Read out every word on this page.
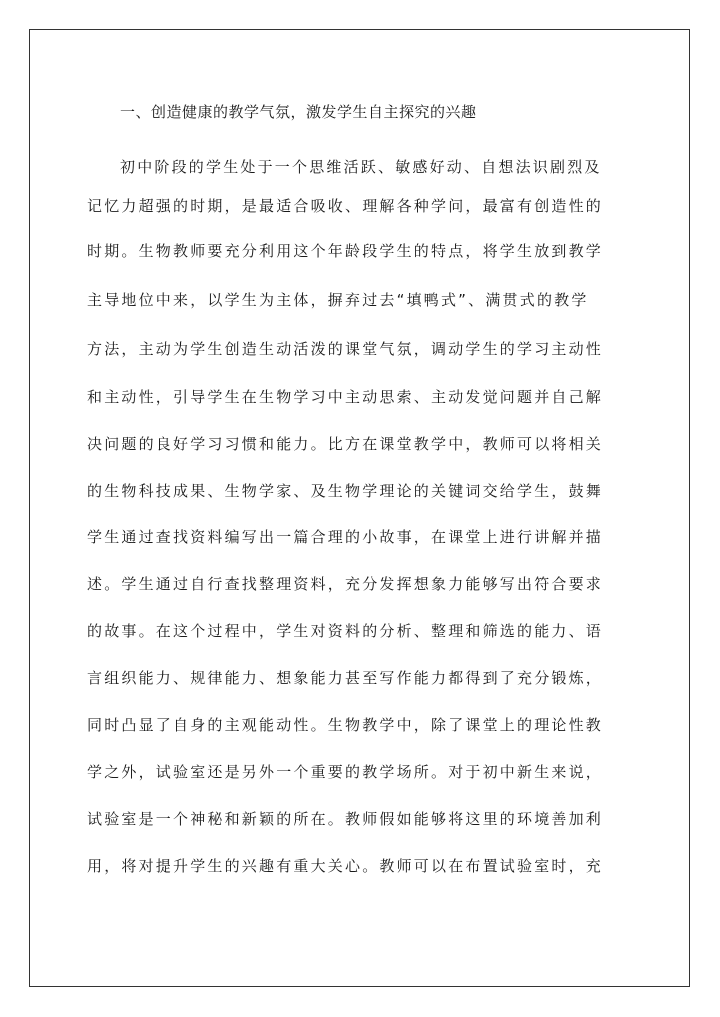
一、创造健康的教学气氛，激发学生自主探究的兴趣
初中阶段的学生处于一个思维活跃、敏感好动、自想法识剧烈及
记忆力超强的时期，是最适合吸收、理解各种学问，最富有创造性的
时期。生物教师要充分利用这个年龄段学生的特点，将学生放到教学
主导地位中来，以学生为主体，摒弃过去“填鸭式”、满贯式的教学
方法，主动为学生创造生动活泼的课堂气氛，调动学生的学习主动性
和主动性，引导学生在生物学习中主动思索、主动发觉问题并自己解
决问题的良好学习习惯和能力。比方在课堂教学中，教师可以将相关
的生物科技成果、生物学家、及生物学理论的关键词交给学生，鼓舞
学生通过查找资料编写出一篇合理的小故事，在课堂上进行讲解并描
述。学生通过自行查找整理资料，充分发挥想象力能够写出符合要求
的故事。在这个过程中，学生对资料的分析、整理和筛选的能力、语
言组织能力、规律能力、想象能力甚至写作能力都得到了充分锻炼，
同时凸显了自身的主观能动性。生物教学中，除了课堂上的理论性教
学之外，试验室还是另外一个重要的教学场所。对于初中新生来说，
试验室是一个神秘和新颖的所在。教师假如能够将这里的环境善加利
用，将对提升学生的兴趣有重大关心。教师可以在布置试验室时，充
